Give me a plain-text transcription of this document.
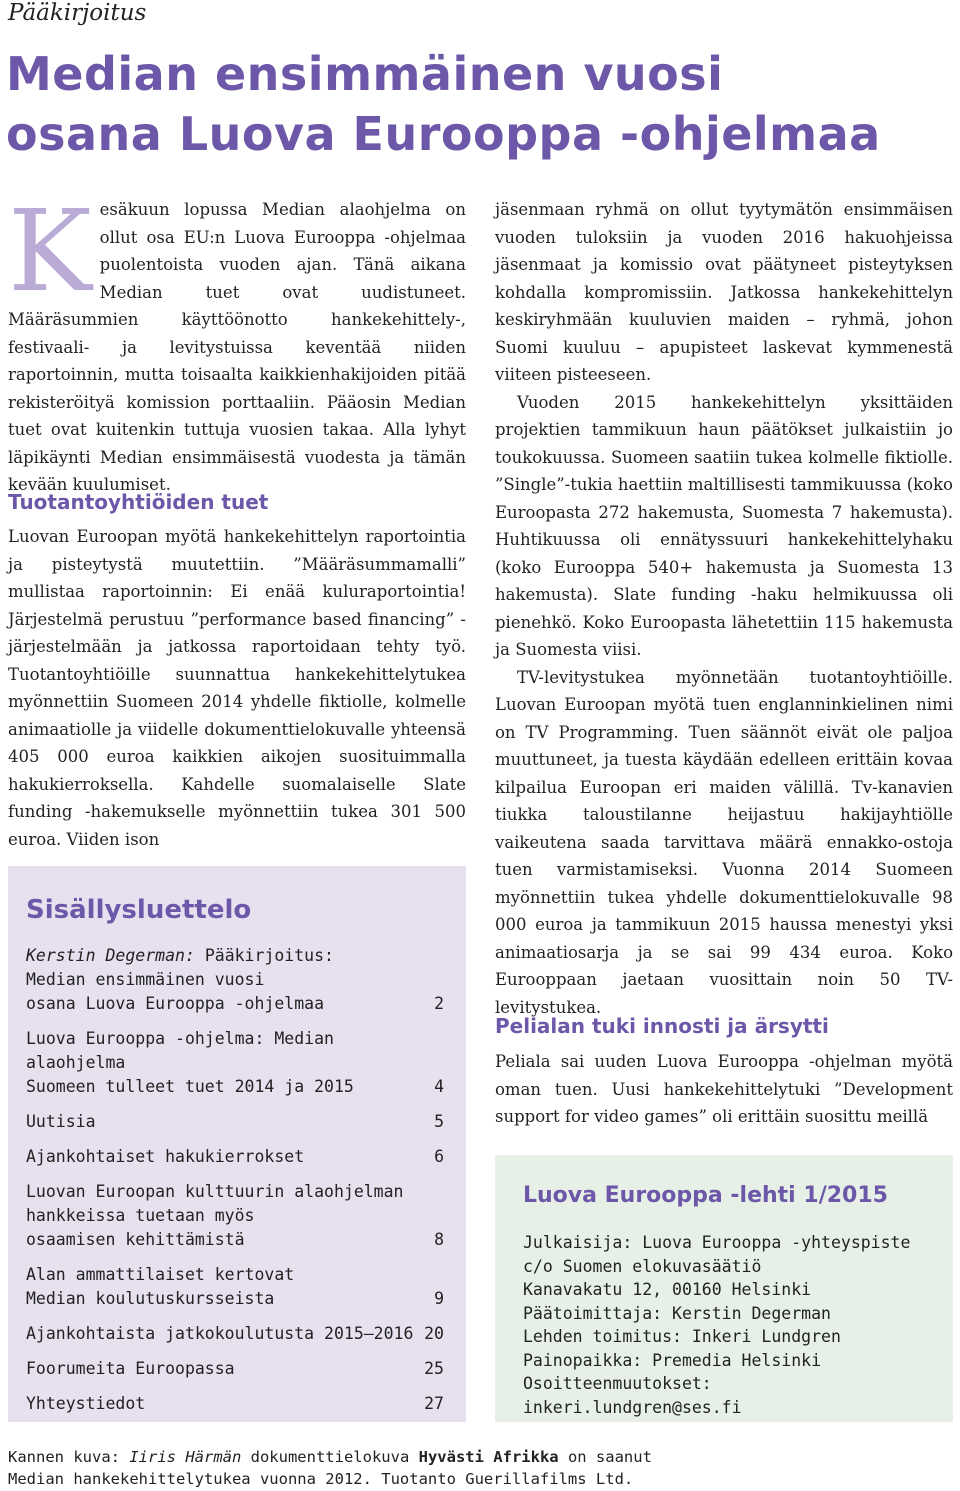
Pääkirjoitus
Median ensimmäinen vuosi
osana Luova Eurooppa -ohjelmaa

Kesäkuun lopussa Median alaohjelma on ollut osa EU:n Luova Eurooppa -ohjelmaa puolentoista vuoden ajan. Tänä aikana Median tuet ovat uudistuneet. Määräsummien käyttöönotto hankekehittely-, festivaali- ja levitystuissa keventää niiden raportoinnin, mutta toisaalta kaikkienhakijoiden pitää rekisteröityä komission porttaaliin. Pääosin Median tuet ovat kuitenkin tuttuja vuosien takaa. Alla lyhyt läpikäynti Median ensimmäisestä vuodesta ja tämän kevään kuulumiset.

Tuotantoyhtiöiden tuet

Luovan Euroopan myötä hankekehittelyn raportointia ja pisteytystä muutettiin. ”Määräsummamalli” mullistaa raportoinnin: Ei enää kuluraportointia! Järjestelmä perustuu ”performance based financing” -järjestelmään ja jatkossa raportoidaan tehty työ. Tuotantoyhtiöille suunnattua hankekehittelytukea myönnettiin Suomeen 2014 yhdelle fiktiolle, kolmelle animaatiolle ja viidelle dokumenttielokuvalle yhteensä 405 000 euroa kaikkien aikojen suosituimmalla hakukierroksella. Kahdelle suomalaiselle Slate funding -hakemukselle myönnettiin tukea 301 500 euroa. Viiden ison

jäsenmaan ryhmä on ollut tyytymätön ensimmäisen vuoden tuloksiin ja vuoden 2016 hakuohjeissa jäsenmaat ja komissio ovat päätyneet pisteytyksen kohdalla kompromissiin. Jatkossa hankekehittelyn keskiryhmään kuuluvien maiden – ryhmä, johon Suomi kuuluu – apupisteet laskevat kymmenestä viiteen pisteeseen.

Vuoden 2015 hankekehittelyn yksittäiden projektien tammikuun haun päätökset julkaistiin jo toukokuussa. Suomeen saatiin tukea kolmelle fiktiolle. ”Single”-tukia haettiin maltillisesti tammikuussa (koko Euroopasta 272 hakemusta, Suomesta 7 hakemusta). Huhtikuussa oli ennätyssuuri hankekehittelyhaku (koko Eurooppa 540+ hakemusta ja Suomesta 13 hakemusta). Slate funding -haku helmikuussa oli pienehkö. Koko Euroopasta lähetettiin 115 hakemusta ja Suomesta viisi.

TV-levitystukea myönnetään tuotantoyhtiöille. Luovan Euroopan myötä tuen englanninkielinen nimi on TV Programming. Tuen säännöt eivät ole paljoa muuttuneet, ja tuesta käydään edelleen erittäin kovaa kilpailua Euroopan eri maiden välillä. Tv-kanavien tiukka taloustilanne heijastuu hakijayhtiölle vaikeutena saada tarvittava määrä ennakko-ostoja tuen varmistamiseksi. Vuonna 2014 Suomeen myönnettiin tukea yhdelle dokumenttielokuvalle 98 000 euroa ja tammikuun 2015 haussa menestyi yksi animaatiosarja ja se sai 99 434 euroa. Koko Eurooppaan jaetaan vuosittain noin 50 TV-levitystukea.

Pelialan tuki innosti ja ärsytti

Peliala sai uuden Luova Eurooppa -ohjelman myötä oman tuen. Uusi hankekehittelytuki ”Development support for video games” oli erittäin suosittu meillä

Sisällysluettelo
Kerstin Degerman: Pääkirjoitus:
Median ensimmäinen vuosi
osana Luova Eurooppa -ohjelmaa	2
Luova Eurooppa -ohjelma: Median alaohjelma
Suomeen tulleet tuet 2014 ja 2015	4
Uutisia	5
Ajankohtaiset hakukierrokset	6
Luovan Euroopan kulttuurin alaohjelman
hankkeissa tuetaan myös
osaamisen kehittämistä	8
Alan ammattilaiset kertovat
Median koulutuskursseista	9
Ajankohtaista jatkokoulutusta 2015–2016 20
Foorumeita Euroopassa	25
Yhteystiedot	27
Luova Eurooppa -lehti 1/2015
Julkaisija: Luova Eurooppa -yhteyspiste
c/o Suomen elokuvasäätiö
Kanavakatu 12, 00160 Helsinki
Päätoimittaja: Kerstin Degerman
Lehden toimitus: Inkeri Lundgren
Painopaikka: Premedia Helsinki
Osoitteenmuutokset: inkeri.lundgren@ses.fi
Kannen kuva: Iiris Härmän dokumenttielokuva Hyvästi Afrikka on saanut
Median hankekehittelytukea vuonna 2012. Tuotanto Guerillafilms Ltd.
